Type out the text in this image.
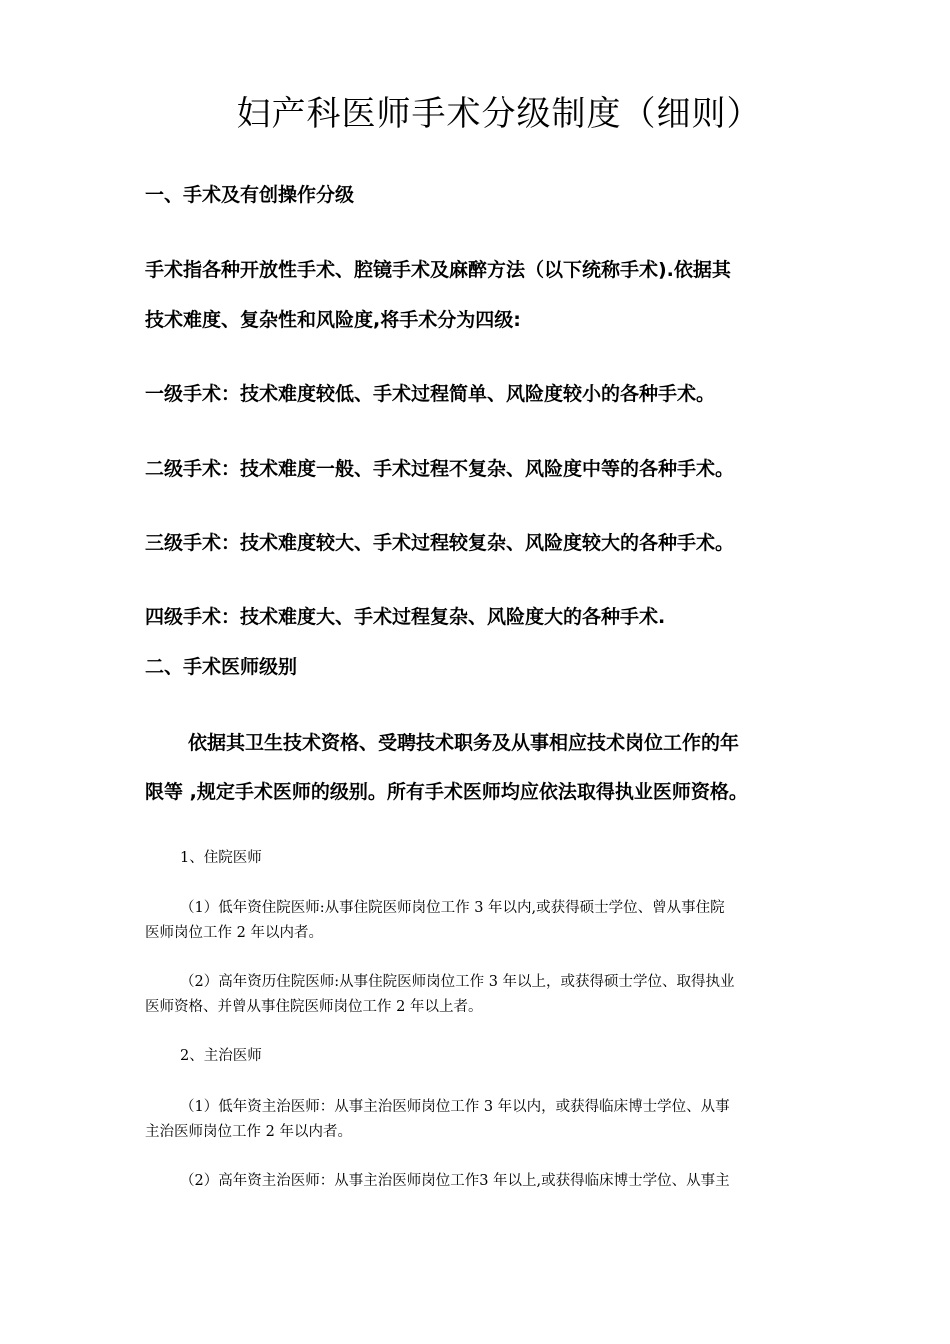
妇产科医师手术分级制度（细则）
一、手术及有创操作分级
手术指各种开放性手术、腔镜手术及麻醉方法（以下统称手术).依据其
技术难度、复杂性和风险度,将手术分为四级:
一级手术：技术难度较低、手术过程简单、风险度较小的各种手术。
二级手术：技术难度一般、手术过程不复杂、风险度中等的各种手术。
三级手术：技术难度较大、手术过程较复杂、风险度较大的各种手术。
四级手术：技术难度大、手术过程复杂、风险度大的各种手术.
二、手术医师级别
依据其卫生技术资格、受聘技术职务及从事相应技术岗位工作的年
限等 ,规定手术医师的级别。所有手术医师均应依法取得执业医师资格。
1、住院医师
（1）低年资住院医师:从事住院医师岗位工作 3 年以内,或获得硕士学位、曾从事住院
医师岗位工作 2 年以内者。
（2）高年资历住院医师:从事住院医师岗位工作 3 年以上，或获得硕士学位、取得执业
医师资格、并曾从事住院医师岗位工作 2 年以上者。
2、主治医师
（1）低年资主治医师：从事主治医师岗位工作 3 年以内，或获得临床博士学位、从事
主治医师岗位工作 2 年以内者。
（2）高年资主治医师：从事主治医师岗位工作3 年以上,或获得临床博士学位、从事主
